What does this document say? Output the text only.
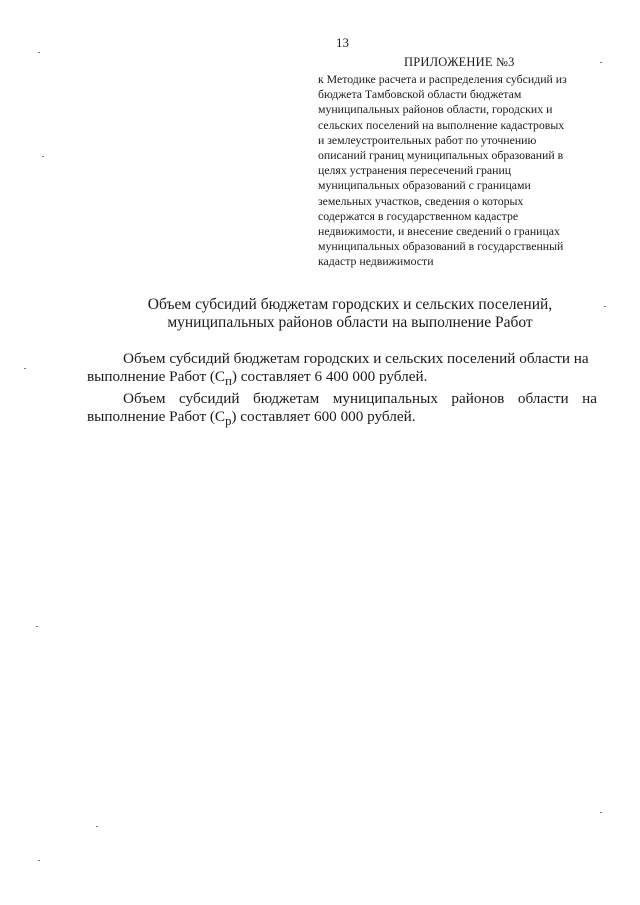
13
ПРИЛОЖЕНИЕ №3
к Методике расчета и распределения субсидий из
бюджета Тамбовской области бюджетам
муниципальных районов области, городских и
сельских поселений на выполнение кадастровых
и землеустроительных работ по уточнению
описаний границ муниципальных образований в
целях устранения пересечений границ
муниципальных образований с границами
земельных участков, сведения о которых
содержатся в государственном кадастре
недвижимости, и внесение сведений о границах
муниципальных образований в государственный
кадастр недвижимости
Объем субсидий бюджетам городских и сельских поселений,
муниципальных районов области на выполнение Работ
Объем субсидий бюджетам городских и сельских поселений области на
выполнение Работ $(С_п)$ составляет 6 400 000 рублей.
Объем субсидий бюджетам муниципальных районов области на
выполнение Работ $(С_р)$ составляет 600 000 рублей.
